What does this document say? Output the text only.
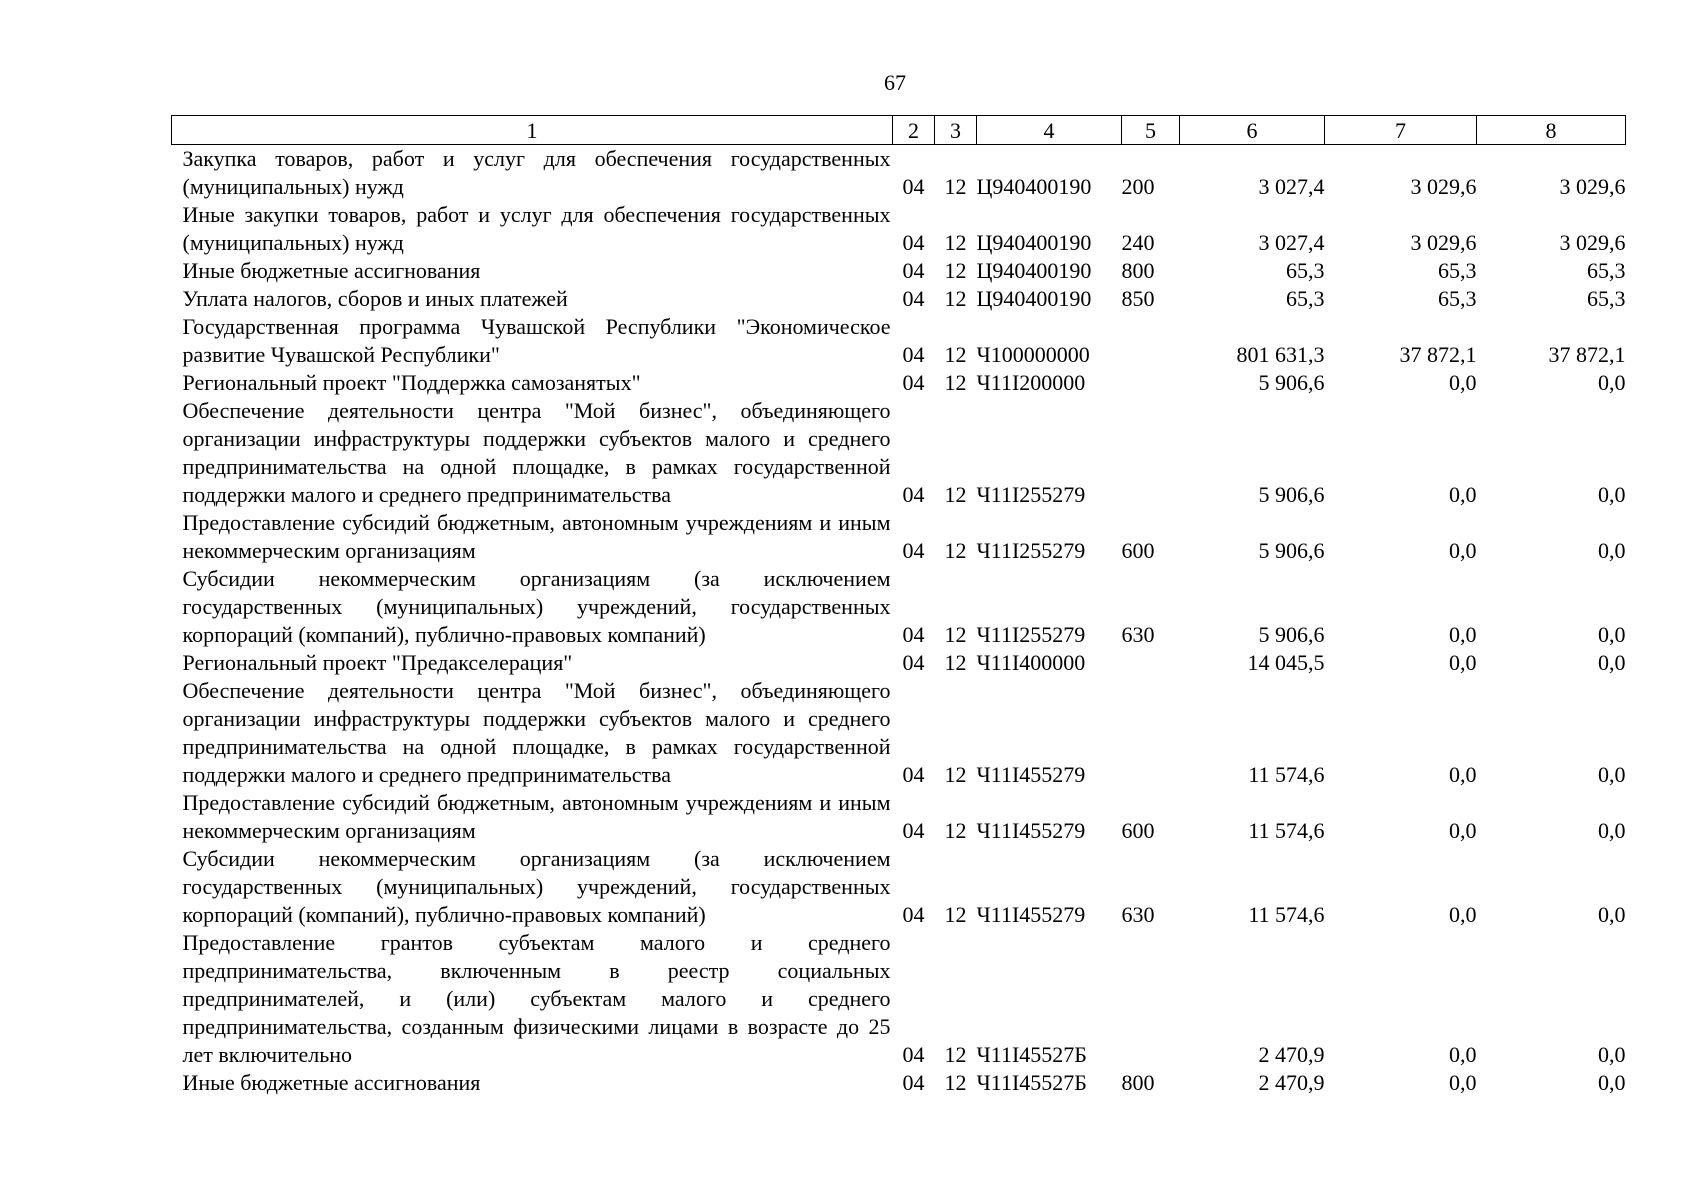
67
1	2	3	4	5	6	7	8
Закупка товаров, работ и услуг для обеспечения государственных (муниципальных) нужд	04	12	Ц940400190	200	3 027,4	3 029,6	3 029,6
Иные закупки товаров, работ и услуг для обеспечения государственных (муниципальных) нужд	04	12	Ц940400190	240	3 027,4	3 029,6	3 029,6
Иные бюджетные ассигнования	04	12	Ц940400190	800	65,3	65,3	65,3
Уплата налогов, сборов и иных платежей	04	12	Ц940400190	850	65,3	65,3	65,3
Государственная программа Чувашской Республики "Экономическое развитие Чувашской Республики"	04	12	Ч100000000		801 631,3	37 872,1	37 872,1
Региональный проект "Поддержка самозанятых"	04	12	Ч11I200000		5 906,6	0,0	0,0
Обеспечение деятельности центра "Мой бизнес", объединяющего организации инфраструктуры поддержки субъектов малого и среднего предпринимательства на одной площадке, в рамках государственной поддержки малого и среднего предпринимательства	04	12	Ч11I255279		5 906,6	0,0	0,0
Предоставление субсидий бюджетным, автономным учреждениям и иным некоммерческим организациям	04	12	Ч11I255279	600	5 906,6	0,0	0,0
Субсидии некоммерческим организациям (за исключением государственных (муниципальных) учреждений, государственных корпораций (компаний), публично-правовых компаний)	04	12	Ч11I255279	630	5 906,6	0,0	0,0
Региональный проект "Предакселерация"	04	12	Ч11I400000		14 045,5	0,0	0,0
Обеспечение деятельности центра "Мой бизнес", объединяющего организации инфраструктуры поддержки субъектов малого и среднего предпринимательства на одной площадке, в рамках государственной поддержки малого и среднего предпринимательства	04	12	Ч11I455279		11 574,6	0,0	0,0
Предоставление субсидий бюджетным, автономным учреждениям и иным некоммерческим организациям	04	12	Ч11I455279	600	11 574,6	0,0	0,0
Субсидии некоммерческим организациям (за исключением государственных (муниципальных) учреждений, государственных корпораций (компаний), публично-правовых компаний)	04	12	Ч11I455279	630	11 574,6	0,0	0,0
Предоставление грантов субъектам малого и среднего предпринимательства, включенным в реестр социальных предпринимателей, и (или) субъектам малого и среднего предпринимательства, созданным физическими лицами в возрасте до 25 лет включительно	04	12	Ч11I45527Б		2 470,9	0,0	0,0
Иные бюджетные ассигнования	04	12	Ч11I45527Б	800	2 470,9	0,0	0,0
